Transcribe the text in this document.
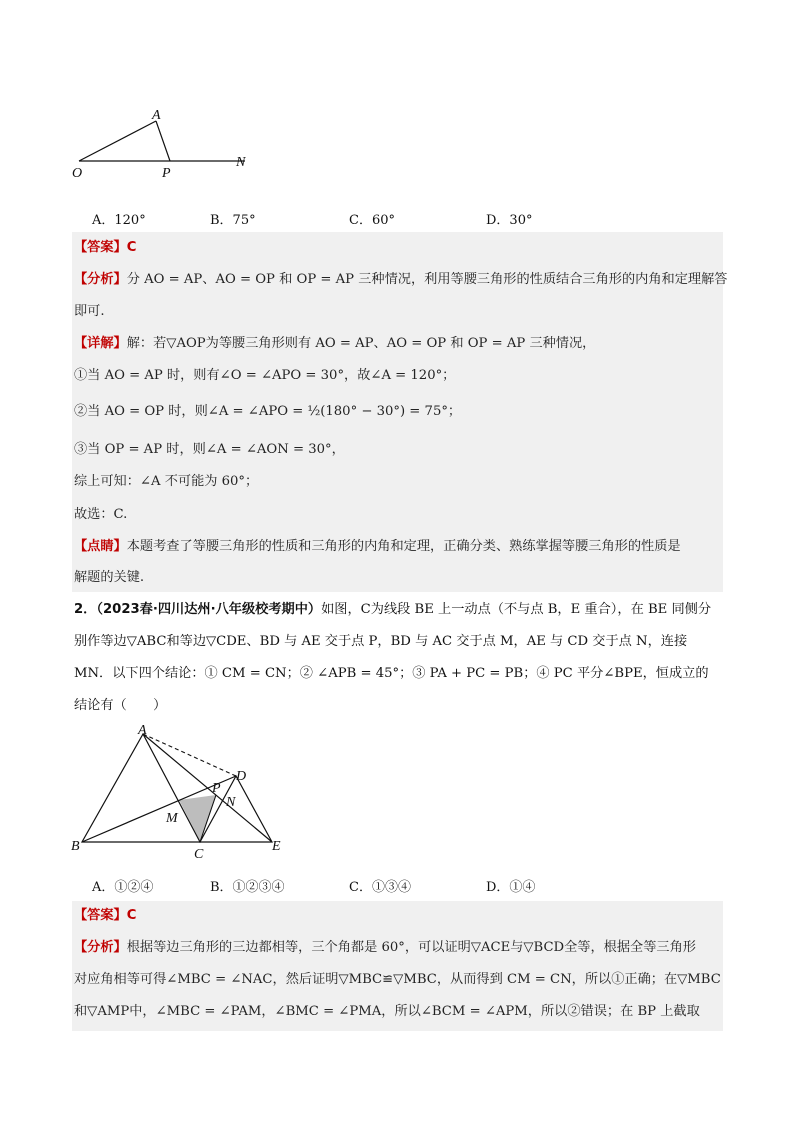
A
O	P
N
A．120°	B．75°	C．60°	D．30°
【答案】C
【分析】分 AO = AP、AO = OP 和 OP = AP 三种情况，利用等腰三角形的性质结合三角形的内角和定理解答
即可.
【详解】解：若▽AOP为等腰三角形则有 AO = AP、AO = OP 和 OP = AP 三种情况，
①当 AO = AP 时，则有∠O = ∠APO = 30°，故∠A = 120°；
②当 AO = OP 时，则∠A = ∠APO = ½(180° − 30°) = 75°；
③当 OP = AP 时，则∠A = ∠AON = 30°，
综上可知：∠A 不可能为 60°；
故选：C.
【点睛】本题考查了等腰三角形的性质和三角形的内角和定理，正确分类、熟练掌握等腰三角形的性质是
解题的关键.
2．（2023春·四川达州·八年级校考期中）如图，C为线段 BE 上一动点（不与点 B，E 重合），在 BE 同侧分
别作等边▽ABC和等边▽CDE、BD 与 AE 交于点 P，BD 与 AC 交于点 M，AE 与 CD 交于点 N，连接
MN．以下四个结论：① CM = CN；② ∠APB = 45°；③ PA + PC = PB；④ PC 平分∠BPE，恒成立的
结论有（　　）
A
B
C
D
E
M
N
P
A．①②④	B．①②③④	C．①③④	D．①④
【答案】C
【分析】根据等边三角形的三边都相等，三个角都是 60°，可以证明▽ACE与▽BCD全等，根据全等三角形
对应角相等可得∠MBC = ∠NAC，然后证明▽MBC≌▽MBC，从而得到 CM = CN，所以①正确；在▽MBC
和▽AMP中，∠MBC = ∠PAM，∠BMC = ∠PMA，所以∠BCM = ∠APM，所以②错误；在 BP 上截取
